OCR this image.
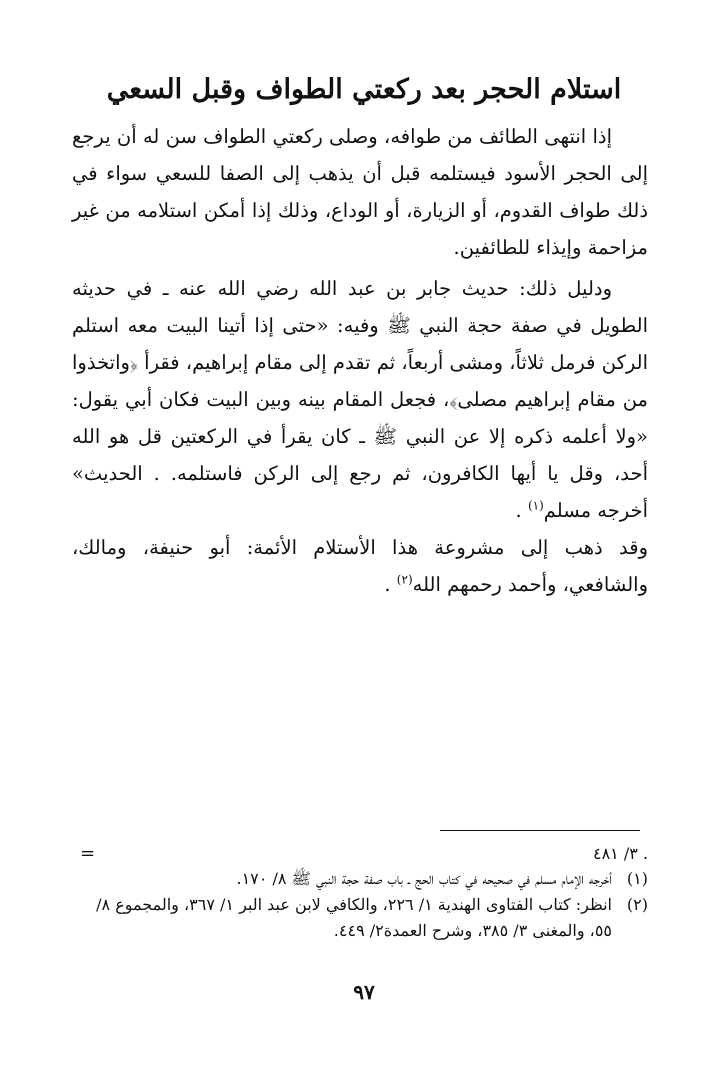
استلام الحجر بعد ركعتي الطواف وقبل السعي

إذا انتهى الطائف من طوافه، وصلى ركعتي الطواف سن له أن يرجع إلى الحجر الأسود فيستلمه قبل أن يذهب إلى الصفا للسعي سواء في ذلك طواف القدوم، أو الزيارة، أو الوداع، وذلك إذا أمكن استلامه من غير مزاحمة وإيذاء للطائفين.

ودليل ذلك: حديث جابر بن عبد الله رضي الله عنه ـ في حديثه الطويل في صفة حجة النبي ﷺ وفيه: «حتى إذا أتينا البيت معه استلم الركن فرمل ثلاثاً، ومشى أربعاً، ثم تقدم إلى مقام إبراهيم، فقرأ ﴿واتخذوا من مقام إبراهيم مصلى﴾، فجعل المقام بينه وبين البيت فكان أبي يقول: «ولا أعلمه ذكره إلا عن النبي ﷺ ـ كان يقرأ في الركعتين قل هو الله أحد، وقل يا أيها الكافرون، ثم رجع إلى الركن فاستلمه. . الحديث» أخرجه مسلم$^{(١)}$ .

وقد ذهب إلى مشروعة هذا الأستلام الأئمة: أبو حنيفة، ومالك، والشافعي، وأحمد رحمهم الله$^{(٢)}$ .

. ٣/ ٤٨١
=
(١)
أخرجه الإمام مسلم في صحيحه في كتاب الحج ـ باب صفة حجة النبي ﷺ ٨/ ١٧٠.
(٢)
انظر: كتاب الفتاوى الهندية ١/ ٢٢٦، والكافي لابن عبد البر ١/ ٣٦٧، والمجموع ٨/ ٥٥، والمغنى ٣/ ٣٨٥، وشرح العمدة٢/ ٤٤٩.
٩٧
